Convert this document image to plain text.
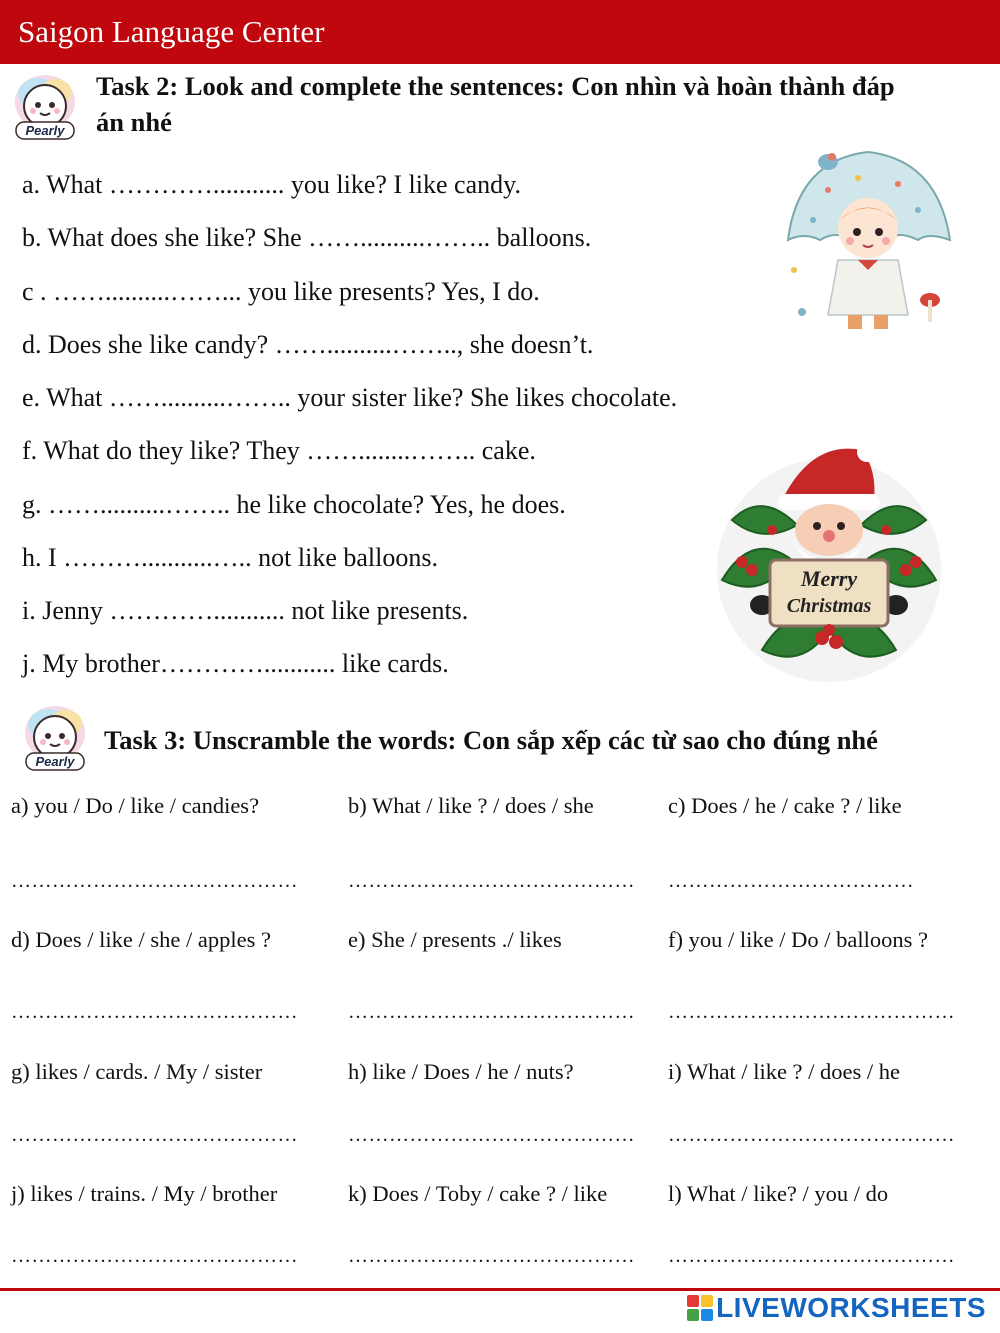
Saigon Language Center
Pearly
Task 2: Look and complete the sentences: Con nhìn và hoàn thành đáp
án nhé
a. What …………........... you like? I like candy.
b. What does she like? She ……..........…….. balloons.
c . ……..........……... you like presents? Yes, I do.
d. Does she like candy? ……..........…….., she doesn’t.
e. What ……..........…….. your sister like? She likes chocolate.
f. What do they like? They ……........…….. cake.
g. ……..........…….. he like chocolate? Yes, he does.
h. I ………...........….. not like balloons.
i. Jenny …………........... not like presents.
j. My brother…………........... like cards.
Merry
Christmas
Pearly
Task 3: Unscramble the words: Con sắp xếp các từ sao cho đúng nhé
a) you / Do / like / candies?	b) What / like ? / does / she	c) Does / he / cake ? / like
……………………………………	…………………………………… ………………………………
d) Does / like / she / apples ?	e) She / presents ./ likes	f) you / like / Do / balloons ?
……………………………………	…………………………………… ……………………………………
g) likes / cards. / My / sister	h) like / Does / he / nuts?	i) What / like ? / does / he
……………………………………	…………………………………… ……………………………………
j) likes / trains. / My / brother	k) Does / Toby / cake ? / like	l) What / like? / you / do
……………………………………	…………………………………… ……………………………………
LIVEWORKSHEETS
